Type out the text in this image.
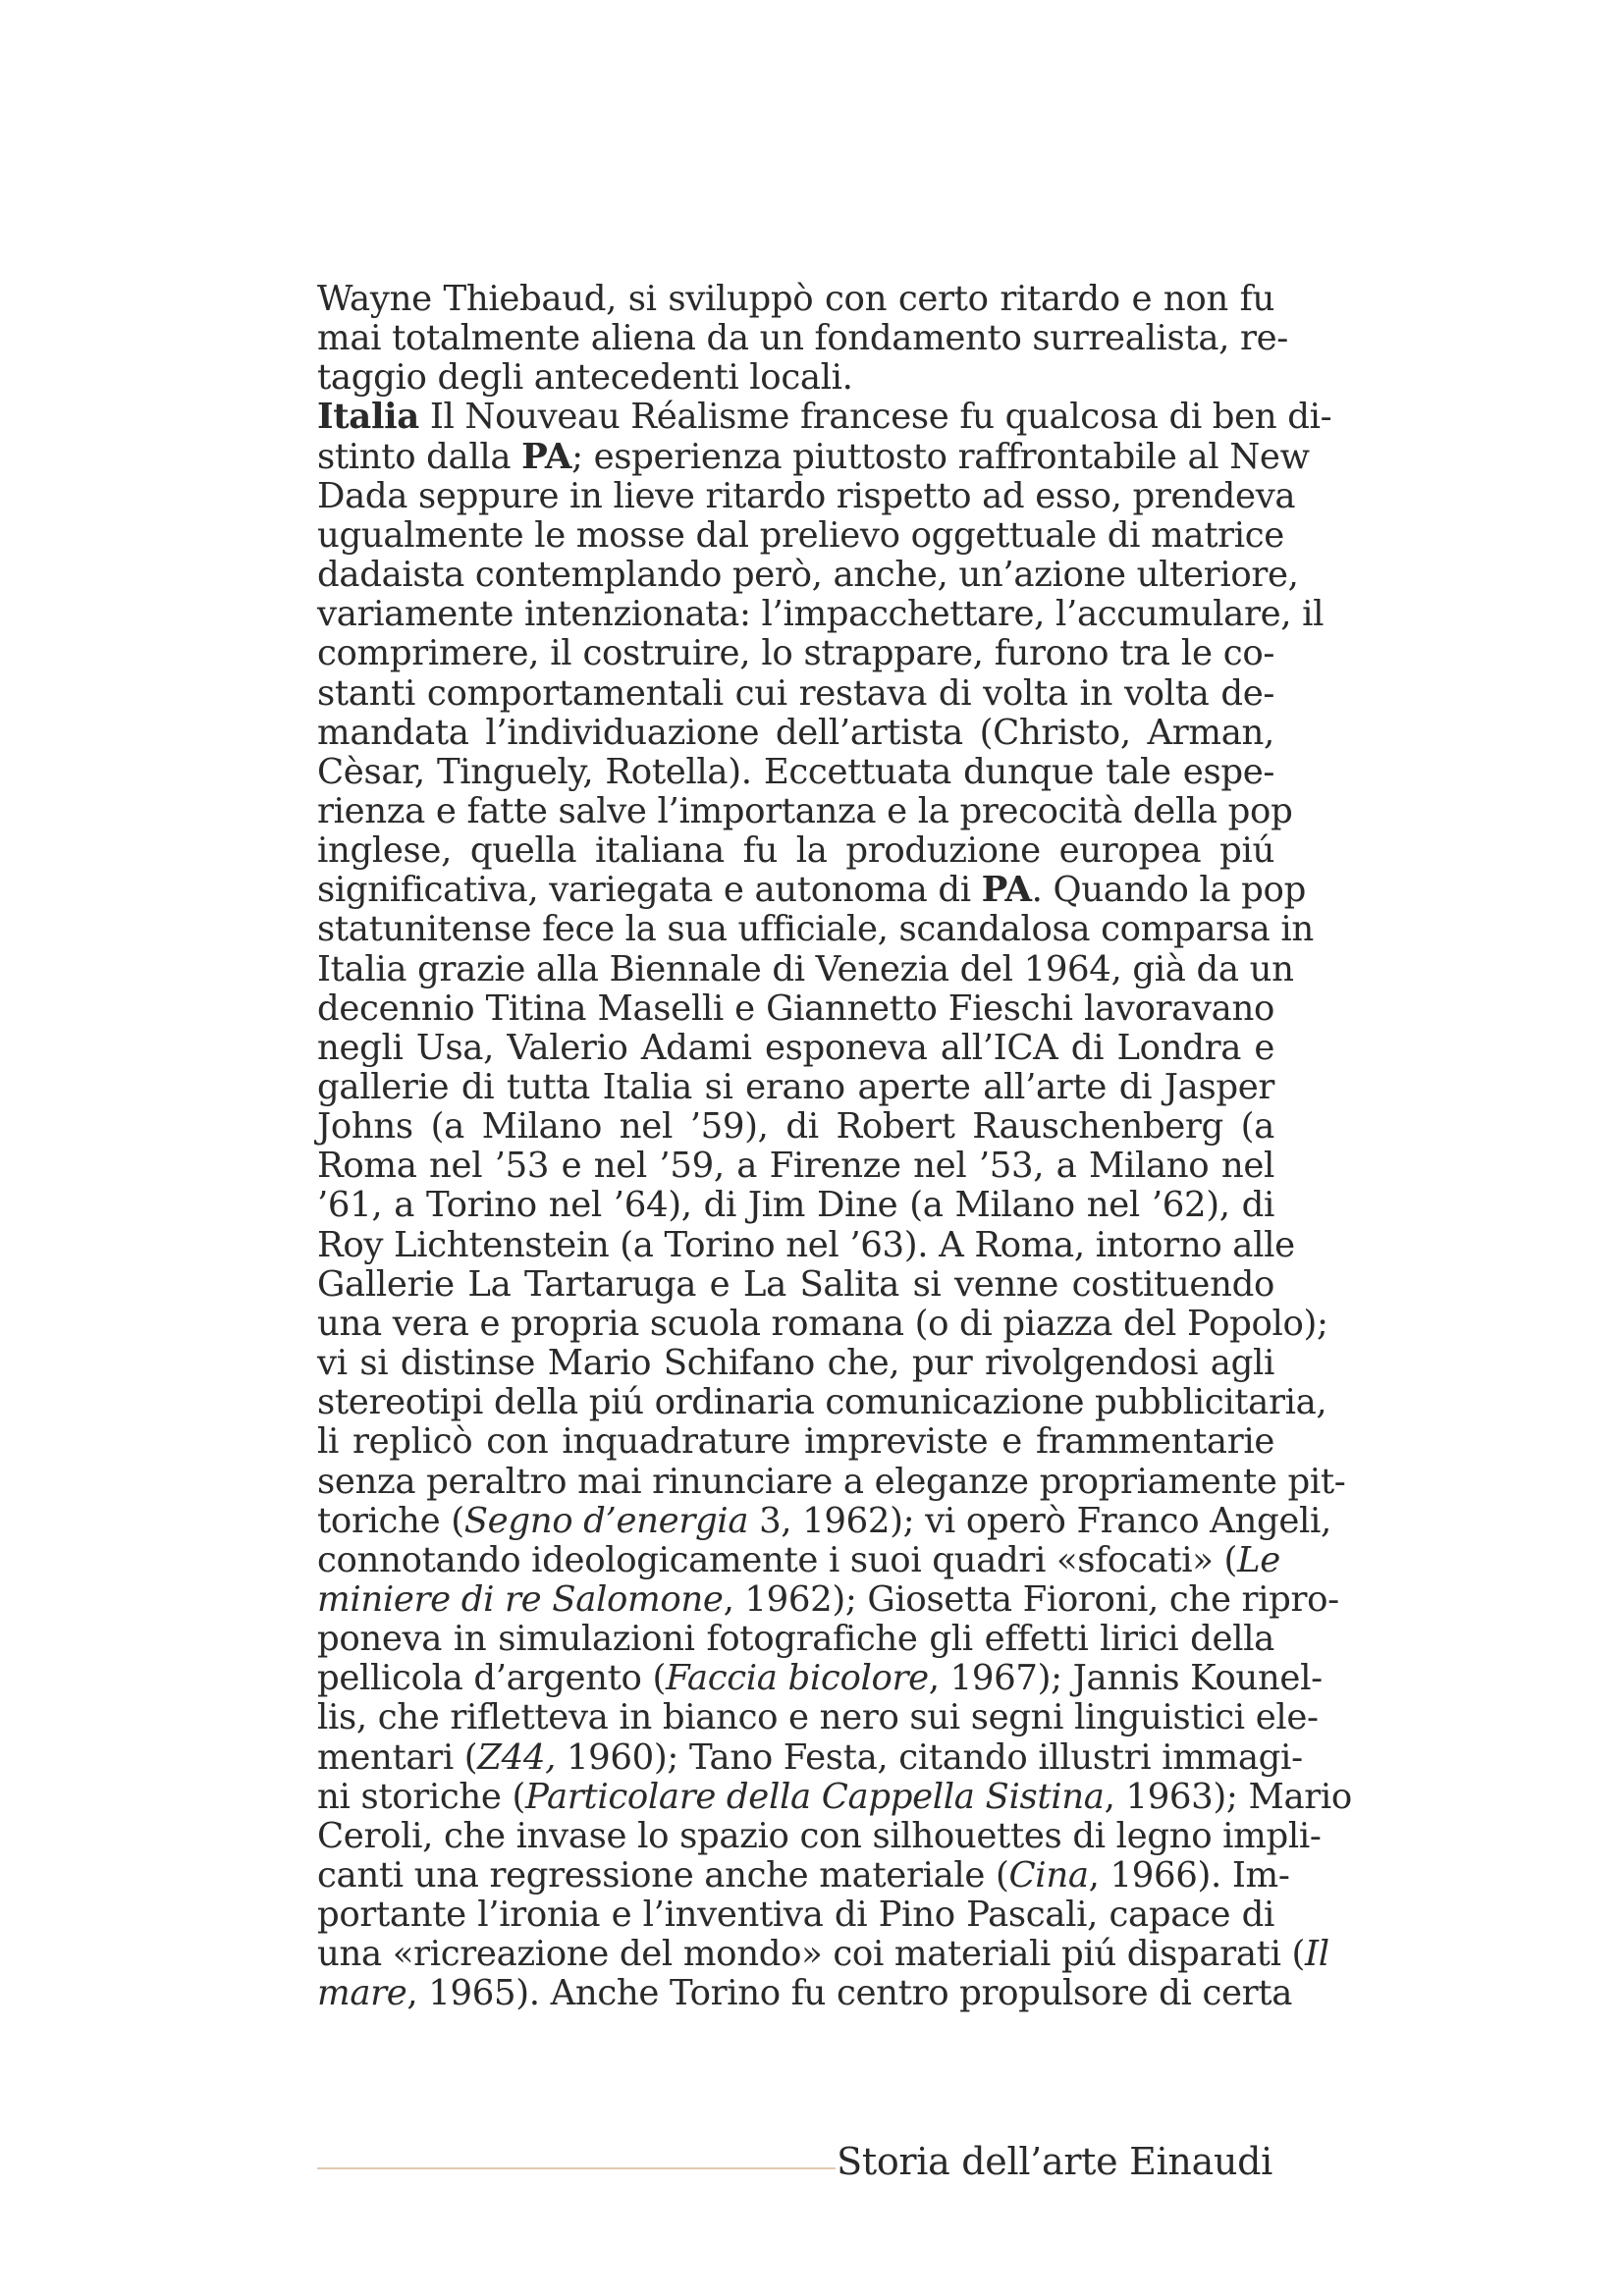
Wayne Thiebaud, si sviluppò con certo ritardo e non fu
mai totalmente aliena da un fondamento surrealista, re-
taggio degli antecedenti locali.
Italia Il Nouveau Réalisme francese fu qualcosa di ben di-
stinto dalla PA; esperienza piuttosto raffrontabile al New
Dada seppure in lieve ritardo rispetto ad esso, prendeva
ugualmente le mosse dal prelievo oggettuale di matrice
dadaista contemplando però, anche, un’azione ulteriore,
variamente intenzionata: l’impacchettare, l’accumulare, il
comprimere, il costruire, lo strappare, furono tra le co-
stanti comportamentali cui restava di volta in volta de-
mandata l’individuazione dell’artista (Christo, Arman,
Cèsar, Tinguely, Rotella). Eccettuata dunque tale espe-
rienza e fatte salve l’importanza e la precocità della pop
inglese, quella italiana fu la produzione europea piú
significativa, variegata e autonoma di PA. Quando la pop
statunitense fece la sua ufficiale, scandalosa comparsa in
Italia grazie alla Biennale di Venezia del 1964, già da un
decennio Titina Maselli e Giannetto Fieschi lavoravano
negli Usa, Valerio Adami esponeva all’ICA di Londra e
gallerie di tutta Italia si erano aperte all’arte di Jasper
Johns (a Milano nel ’59), di Robert Rauschenberg (a
Roma nel ’53 e nel ’59, a Firenze nel ’53, a Milano nel
’61, a Torino nel ’64), di Jim Dine (a Milano nel ’62), di
Roy Lichtenstein (a Torino nel ’63). A Roma, intorno alle
Gallerie La Tartaruga e La Salita si venne costituendo
una vera e propria scuola romana (o di piazza del Popolo);
vi si distinse Mario Schifano che, pur rivolgendosi agli
stereotipi della piú ordinaria comunicazione pubblicitaria,
li replicò con inquadrature impreviste e frammentarie
senza peraltro mai rinunciare a eleganze propriamente pit-
toriche (Segno d’energia 3, 1962); vi operò Franco Angeli,
connotando ideologicamente i suoi quadri «sfocati» (Le
miniere di re Salomone, 1962); Giosetta Fioroni, che ripro-
poneva in simulazioni fotografiche gli effetti lirici della
pellicola d’argento (Faccia bicolore, 1967); Jannis Kounel-
lis, che rifletteva in bianco e nero sui segni linguistici ele-
mentari (Z44, 1960); Tano Festa, citando illustri immagi-
ni storiche (Particolare della Cappella Sistina, 1963); Mario
Ceroli, che invase lo spazio con silhouettes di legno impli-
canti una regressione anche materiale (Cina, 1966). Im-
portante l’ironia e l’inventiva di Pino Pascali, capace di
una «ricreazione del mondo» coi materiali piú disparati (Il
mare, 1965). Anche Torino fu centro propulsore di certa
Storia dell’arte Einaudi
